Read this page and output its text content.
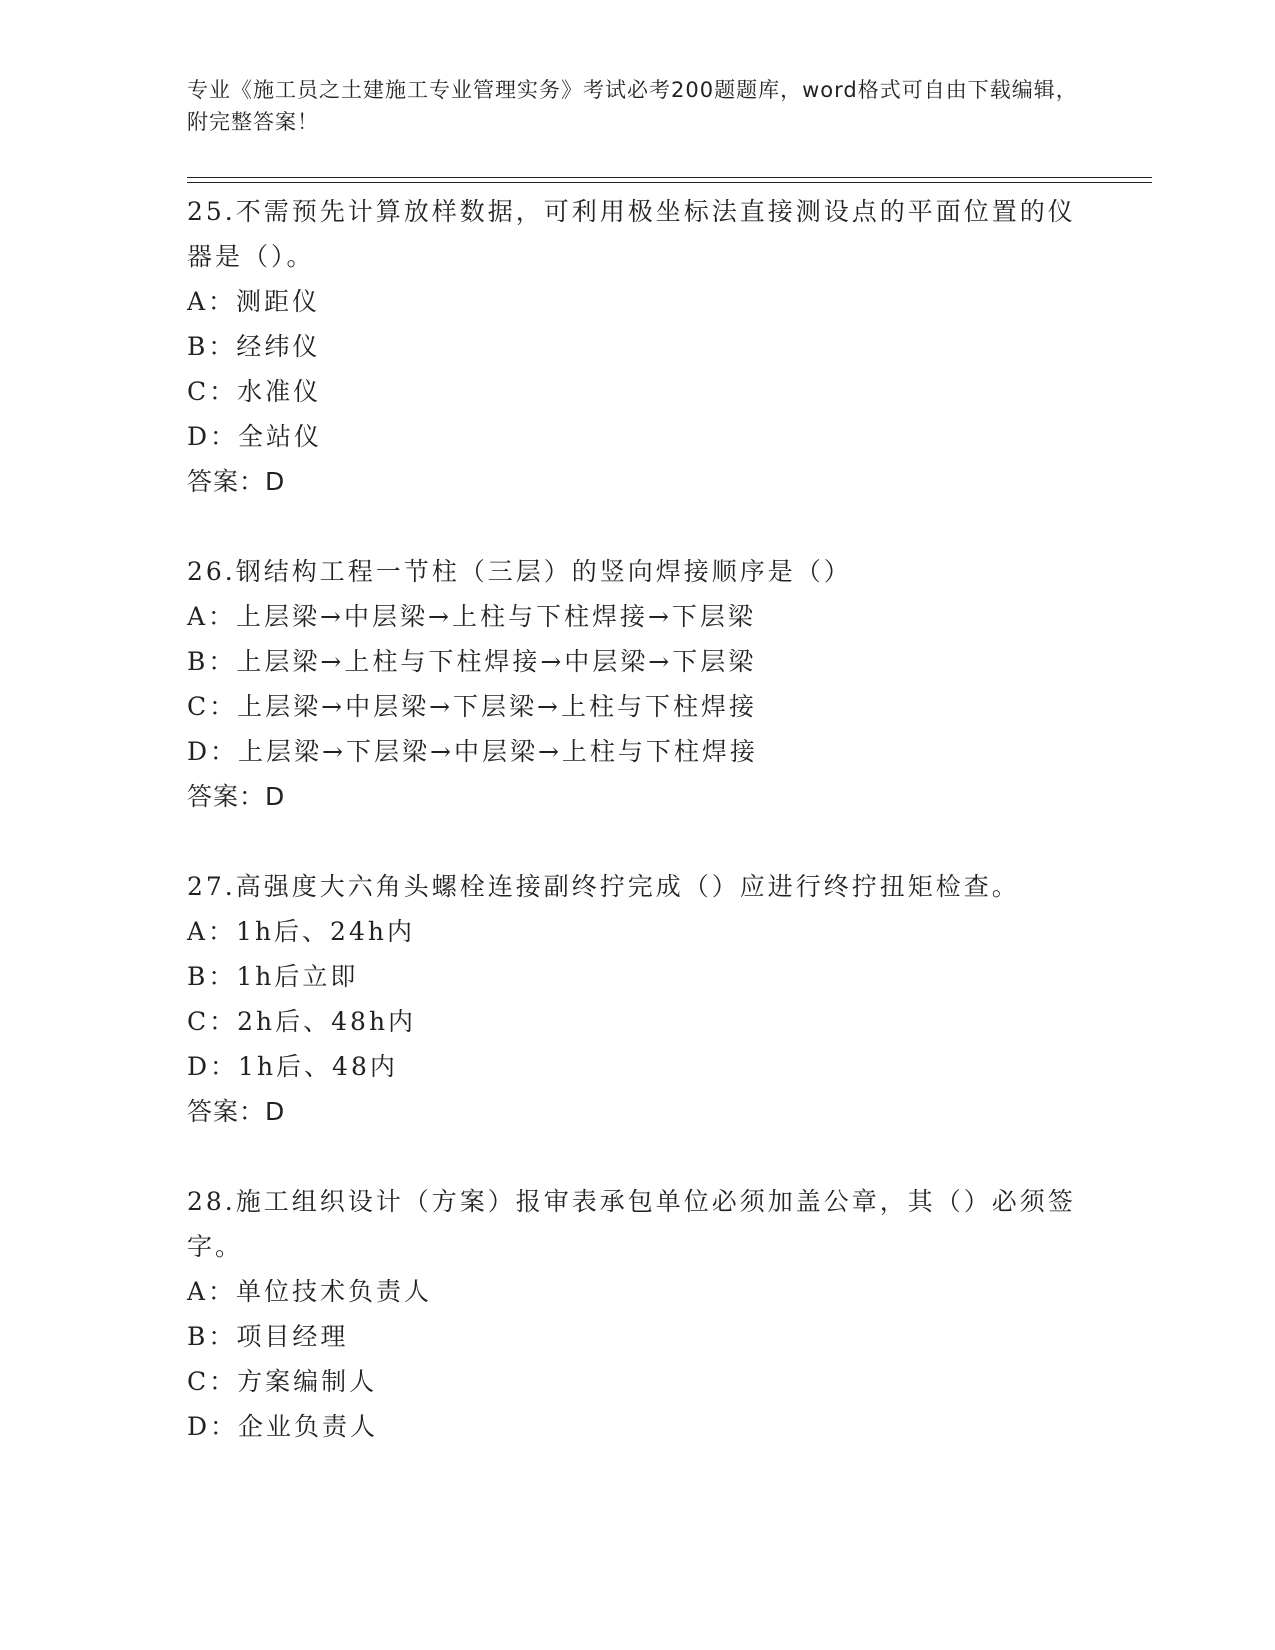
专业《施工员之土建施工专业管理实务》考试必考200题题库，word格式可自由下载编辑，附完整答案！

25.不需预先计算放样数据，可利用极坐标法直接测设点的平面位置的仪器是（）。

A：测距仪

B：经纬仪

C：水准仪

D：全站仪

答案：D

26.钢结构工程一节柱（三层）的竖向焊接顺序是（）

A：上层梁→中层梁→上柱与下柱焊接→下层梁

B：上层梁→上柱与下柱焊接→中层梁→下层梁

C：上层梁→中层梁→下层梁→上柱与下柱焊接

D：上层梁→下层梁→中层梁→上柱与下柱焊接

答案：D

27.高强度大六角头螺栓连接副终拧完成（）应进行终拧扭矩检查。

A：1h后、24h内

B：1h后立即

C：2h后、48h内

D：1h后、48内

答案：D

28.施工组织设计（方案）报审表承包单位必须加盖公章，其（）必须签字。

A：单位技术负责人

B：项目经理

C：方案编制人

D：企业负责人
